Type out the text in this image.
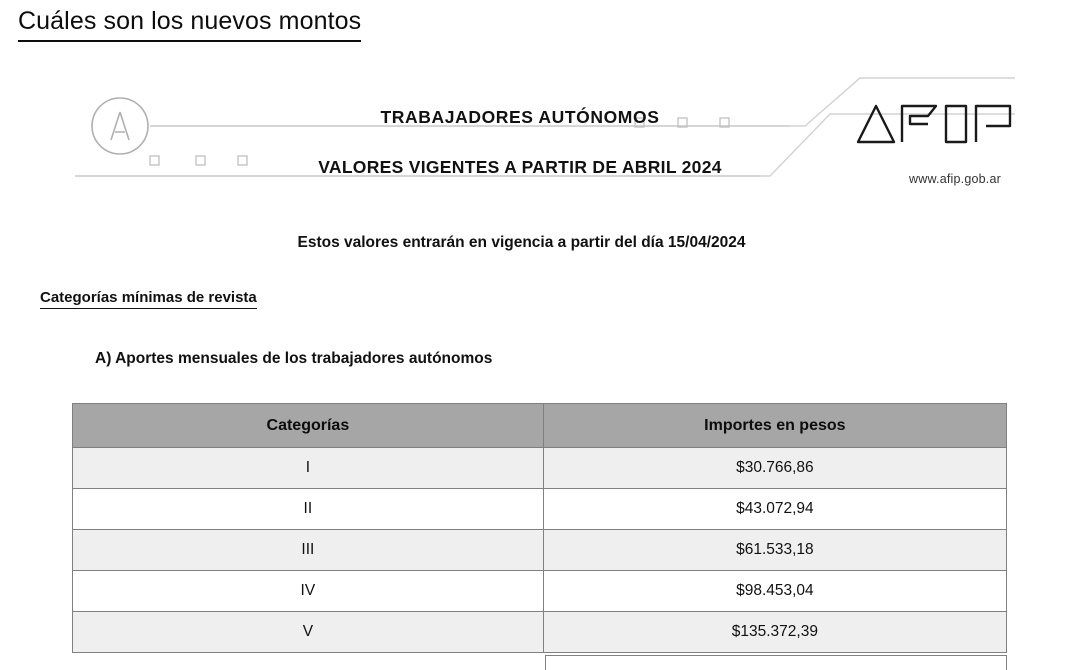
Cuáles son los nuevos montos
TRABAJADORES AUTÓNOMOS
VALORES VIGENTES A PARTIR DE ABRIL 2024
www.afip.gob.ar
Estos valores entrarán en vigencia a partir del día 15/04/2024
Categorías mínimas de revista
A) Aportes mensuales de los trabajadores autónomos
Categorías	Importes en pesos
I	$30.766,86
II	$43.072,94
III	$61.533,18
IV	$98.453,04
V	$135.372,39
